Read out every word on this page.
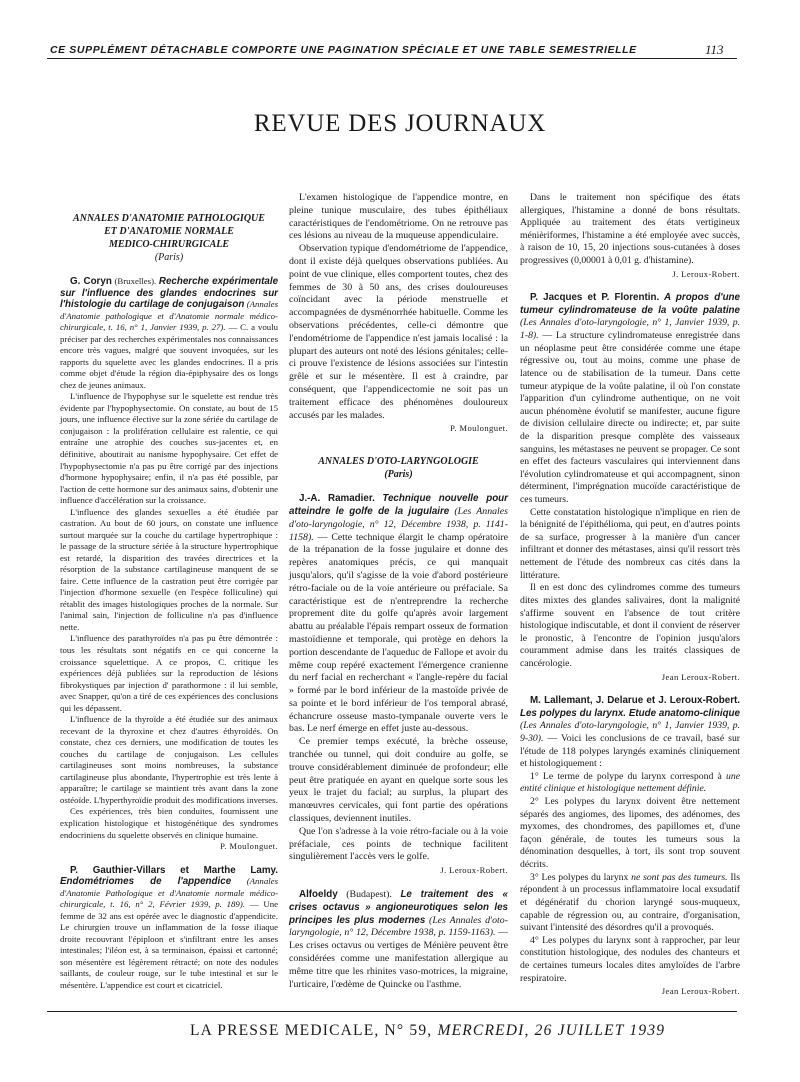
CE SUPPLÉMENT DÉTACHABLE COMPORTE UNE PAGINATION SPÉCIALE ET UNE TABLE SEMESTRIELLE	113
REVUE DES JOURNAUX

ANNALES D'ANATOMIE PATHOLOGIQUE

ET D'ANATOMIE NORMALE

MEDICO-CHIRURGICALE

(Paris)

G. Coryn (Bruxelles). Recherche expérimentale sur l'influence des glandes endocrines sur l'histologie du cartilage de conjugaison (Annales d'Anatomie pathologique et d'Anatomie normale médico-chirurgicale, t. 16, n° 1, Janvier 1939, p. 27). — C. a voulu préciser par des recherches expérimentales nos connaissances encore très vagues, malgré que souvent invoquées, sur les rapports du squelette avec les glandes endocrines. Il a pris comme objet d'étude la région dia-épiphysaire des os longs chez de jeunes animaux.

L'influence de l'hypophyse sur le squelette est rendue très évidente par l'hypophysectomie. On constate, au bout de 15 jours, une influence élective sur la zone sériée du cartilage de conjugaison : la prolifération cellulaire est ralentie, ce qui entraîne une atrophie des couches sus-jacentes et, en définitive, aboutirait au nanisme hypophysaire. Cet effet de l'hypophysectomie n'a pas pu être corrigé par des injections d'hormone hypophysaire; enfin, il n'a pas été possible, par l'action de cette hormone sur des animaux sains, d'obtenir une influence d'accélération sur la croissance.

L'influence des glandes sexuelles a été étudiée par castration. Au bout de 60 jours, on constate une influence surtout marquée sur la couche du cartilage hypertrophique : le passage de la structure sériée à la structure hypertrophique est retardé, la disparition des travées directrices et la résorption de la substance cartilagineuse manquent de se faire. Cette influence de la castration peut être corrigée par l'injection d'hormone sexuelle (en l'espèce folliculine) qui rétablit des images histologiques proches de la normale. Sur l'animal sain, l'injection de folliculine n'a pas d'influence nette.

L'influence des parathyroïdes n'a pas pu être démontrée : tous les résultats sont négatifs en ce qui concerne la croissance squelettique. A ce propos, C. critique les expériences déjà publiées sur la reproduction de lésions fibrokystiques par injection d' parathormone : il lui semble, avec Snapper, qu'on a tiré de ces expériences des conclusions qui les dépassent.

L'influence de la thyroïde a été étudiée sur des animaux recevant de la thyroxine et chez d'autres éthyroïdés. On constate, chez ces derniers, une modification de toutes les couches du cartilage de conjugaison. Les cellules cartilagineuses sont moins nombreuses, la substance cartilagineuse plus abondante, l'hypertrophie est très lente à apparaître; le cartilage se maintient très avant dans la zone ostéoïde. L'hyperthyroïdie produit des modifications inverses.

Ces expériences, très bien conduites, fournissent une explication histologique et histogénétique des syndromes endocriniens du squelette observés en clinique humaine.

P. Moulonguet.

P. Gauthier-Villars et Marthe Lamy. Endométriomes de l'appendice (Annales d'Anatomie Pathologique et d'Anatomie normale médico-chirurgicale, t. 16, n° 2, Février 1939, p. 189). — Une femme de 32 ans est opérée avec le diagnostic d'appendicite. Le chirurgien trouve un inflammation de la fosse iliaque droite recouvrant l'épiploon et s'infiltrant entre les anses intestinales; l'iléon est, à sa terminaison, épaissi et cartonné; son mésentère est légèrement rétracté; on note des nodules saillants, de couleur rouge, sur le tube intestinal et sur le mésentère. L'appendice est court et cicatriciel.

L'examen histologique de l'appendice montre, en pleine tunique musculaire, des tubes épithéliaux caractéristiques de l'endométriome. On ne retrouve pas ces lésions au niveau de la muqueuse appendiculaire.

Observation typique d'endométriome de l'appendice, dont il existe déjà quelques observations publiées. Au point de vue clinique, elles comportent toutes, chez des femmes de 30 à 50 ans, des crises douloureuses coïncidant avec la période menstruelle et accompagnées de dysménorrhée habituelle. Comme les observations précédentes, celle-ci démontre que l'endométriome de l'appendice n'est jamais localisé : la plupart des auteurs ont noté des lésions génitales; celle-ci prouve l'existence de lésions associées sur l'intestin grêle et sur le mésentère. Il est à craindre, par conséquent, que l'appendicectomie ne soit pas un traitement efficace des phénomènes douloureux accusés par les malades.

P. Moulonguet.

ANNALES D'OTO-LARYNGOLOGIE

(Paris)

J.-A. Ramadier. Technique nouvelle pour atteindre le golfe de la jugulaire (Les Annales d'oto-laryngologie, n° 12, Décembre 1938, p. 1141-1158). — Cette technique élargit le champ opératoire de la trépanation de la fosse jugulaire et donne des repères anatomiques précis, ce qui manquait jusqu'alors, qu'il s'agisse de la voie d'abord postérieure rétro-faciale ou de la voie antérieure ou préfaciale. Sa caractéristique est de n'entreprendre la recherche proprement dite du golfe qu'après avoir largement abattu au préalable l'épais rempart osseux de formation mastoïdienne et temporale, qui protège en dehors la portion descendante de l'aqueduc de Fallope et avoir du même coup repéré exactement l'émergence cranienne du nerf facial en recherchant « l'angle-repère du facial » formé par le bord inférieur de la mastoïde privée de sa pointe et le bord inférieur de l'os temporal abrasé, échancrure osseuse masto-tympanale ouverte vers le bas. Le nerf émerge en effet juste au-dessous.

Ce premier temps exécuté, la brèche osseuse, tranchée ou tunnel, qui doit conduire au golfe, se trouve considérablement diminuée de profondeur; elle peut être pratiquée en ayant en quelque sorte sous les yeux le trajet du facial; au surplus, la plupart des manœuvres cervicales, qui font partie des opérations classiques, deviennent inutiles.

Que l'on s'adresse à la voie rétro-faciale ou à la voie préfaciale, ces points de technique facilitent singulièrement l'accès vers le golfe.

J. Leroux-Robert.

Alfoeldy (Budapest). Le traitement des « crises octavus » angioneurotiques selon les principes les plus modernes (Les Annales d'oto-laryngologie, n° 12, Décembre 1938, p. 1159-1163). — Les crises octavus ou vertiges de Ménière peuvent être considérées comme une manifestation allergique au même titre que les rhinites vaso-motrices, la migraine, l'urticaire, l'œdème de Quincke ou l'asthme.

Dans le traitement non spécifique des états allergiques, l'histamine a donné de bons résultats. Appliquée au traitement des états vertigineux ménièriformes, l'histamine a été employée avec succès, à raison de 10, 15, 20 injections sous-cutanées à doses progressives (0,00001 à 0,01 g. d'histamine).

J. Leroux-Robert.

P. Jacques et P. Florentin. A propos d'une tumeur cylindromateuse de la voûte palatine (Les Annales d'oto-laryngologie, n° 1, Janvier 1939, p. 1-8). — La structure cylindromateuse enregistrée dans un néoplasme peut être considérée comme une étape régressive ou, tout au moins, comme une phase de latence ou de stabilisation de la tumeur. Dans cette tumeur atypique de la voûte palatine, il où l'on constate l'apparition d'un cylindrome authentique, on ne voit aucun phénomène évolutif se manifester, aucune figure de division cellulaire directe ou indirecte; et, par suite de la disparition presque complète des vaisseaux sanguins, les métastases ne peuvent se propager. Ce sont en effet des facteurs vasculaires qui interviennent dans l'évolution cylindromateuse et qui accompagnent, sinon déterminent, l'imprégnation mucoïde caractéristique de ces tumeurs.

Cette constatation histologique n'implique en rien de la bénignité de l'épithélioma, qui peut, en d'autres points de sa surface, progresser à la manière d'un cancer infiltrant et donner des métastases, ainsi qu'il ressort très nettement de l'étude des nombreux cas cités dans la littérature.

Il en est donc des cylindromes comme des tumeurs dites mixtes des glandes salivaires, dont la malignité s'affirme souvent en l'absence de tout critère histologique indiscutable, et dont il convient de réserver le pronostic, à l'encontre de l'opinion jusqu'alors couramment admise dans les traités classiques de cancérologie.

Jean Leroux-Robert.

M. Lallemant, J. Delarue et J. Leroux-Robert. Les polypes du larynx. Etude anatomo-clinique (Les Annales d'oto-laryngologie, n° 1, Janvier 1939, p. 9-30). — Voici les conclusions de ce travail, basé sur l'étude de 118 polypes laryngés examinés cliniquement et histologiquement :

1° Le terme de polype du larynx correspond à une entité clinique et histologique nettement définie.

2° Les polypes du larynx doivent être nettement séparés des angiomes, des lipomes, des adénomes, des myxomes, des chondromes, des papillomes et, d'une façon générale, de toutes les tumeurs sous la dénomination desquelles, à tort, ils sont trop souvent décrits.

3° Les polypes du larynx ne sont pas des tumeurs. Ils répondent à un processus inflammatoire local exsudatif et dégénératif du chorion laryngé sous-muqueux, capable de régression ou, au contraire, d'organisation, suivant l'intensité des désordres qu'il a provoqués.

4° Les polypes du larynx sont à rapprocher, par leur constitution histologique, des nodules des chanteurs et de certaines tumeurs locales dites amyloïdes de l'arbre respiratoire.

Jean Leroux-Robert.

LA PRESSE MEDICALE, N° 59, MERCREDI, 26 JUILLET 1939
